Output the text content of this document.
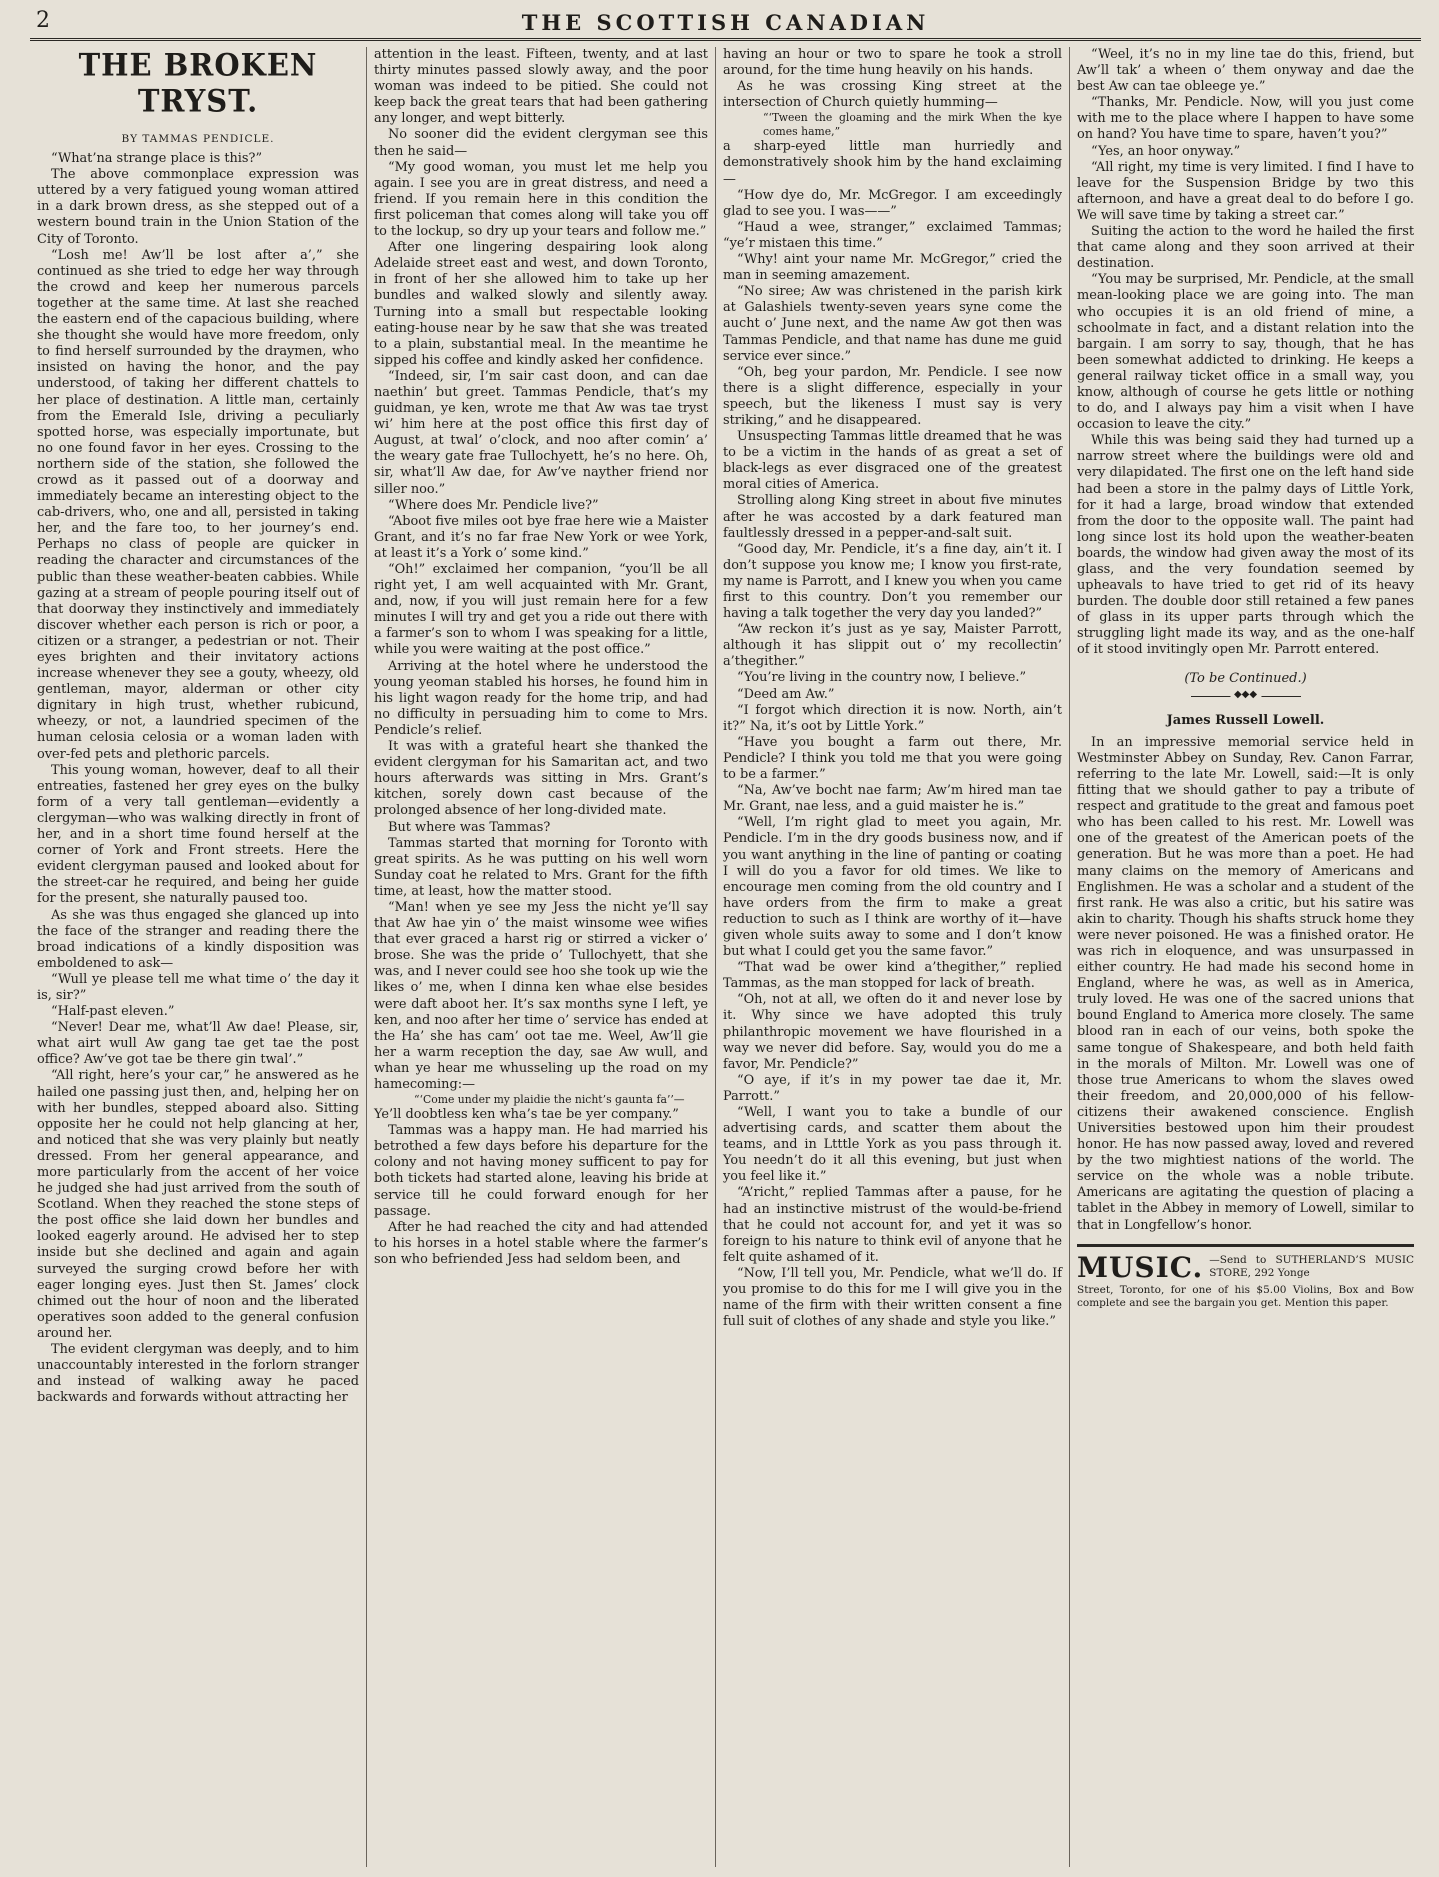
2	THE SCOTTISH CANADIAN
THE BROKEN TRYST.
BY TAMMAS PENDICLE.

“What’na strange place is this?”

The above commonplace expression was uttered by a very fatigued young woman attired in a dark brown dress, as she stepped out of a western bound train in the Union Station of the City of Toronto.

“Losh me! Aw’ll be lost after a’,” she continued as she tried to edge her way through the crowd and keep her numerous parcels together at the same time. At last she reached the eastern end of the capacious building, where she thought she would have more freedom, only to find herself surrounded by the draymen, who insisted on having the honor, and the pay understood, of taking her different chattels to her place of destination. A little man, certainly from the Emerald Isle, driving a peculiarly spotted horse, was especially importunate, but no one found favor in her eyes. Crossing to the northern side of the station, she followed the crowd as it passed out of a doorway and immediately became an interesting object to the cab-drivers, who, one and all, persisted in taking her, and the fare too, to her journey’s end. Perhaps no class of people are quicker in reading the character and circumstances of the public than these weather-beaten cabbies. While gazing at a stream of people pouring itself out of that doorway they instinctively and immediately discover whether each person is rich or poor, a citizen or a stranger, a pedestrian or not. Their eyes brighten and their invitatory actions increase whenever they see a gouty, wheezy, old gentleman, mayor, alderman or other city dignitary in high trust, whether rubicund, wheezy, or not, a laundried specimen of the human celosia celosia or a woman laden with over-fed pets and plethoric parcels.

This young woman, however, deaf to all their entreaties, fastened her grey eyes on the bulky form of a very tall gentleman—evidently a clergyman—who was walking directly in front of her, and in a short time found herself at the corner of York and Front streets. Here the evident clergyman paused and looked about for the street-car he required, and being her guide for the present, she naturally paused too.

As she was thus engaged she glanced up into the face of the stranger and reading there the broad indications of a kindly disposition was emboldened to ask—

“Wull ye please tell me what time o’ the day it is, sir?”

“Half-past eleven.”

“Never! Dear me, what’ll Aw dae! Please, sir, what airt wull Aw gang tae get tae the post office? Aw’ve got tae be there gin twal’.”

“All right, here’s your car,” he answered as he hailed one passing just then, and, helping her on with her bundles, stepped aboard also. Sitting opposite her he could not help glancing at her, and noticed that she was very plainly but neatly dressed. From her general appearance, and more particularly from the accent of her voice he judged she had just arrived from the south of Scotland. When they reached the stone steps of the post office she laid down her bundles and looked eagerly around. He advised her to step inside but she declined and again and again surveyed the surging crowd before her with eager longing eyes. Just then St. James’ clock chimed out the hour of noon and the liberated operatives soon added to the general confusion around her.

The evident clergyman was deeply, and to him unaccountably interested in the forlorn stranger and instead of walking away he paced backwards and forwards without attracting her

attention in the least. Fifteen, twenty, and at last thirty minutes passed slowly away, and the poor woman was indeed to be pitied. She could not keep back the great tears that had been gathering any longer, and wept bitterly.

No sooner did the evident clergyman see this then he said—

“My good woman, you must let me help you again. I see you are in great distress, and need a friend. If you remain here in this condition the first policeman that comes along will take you off to the lockup, so dry up your tears and follow me.”

After one lingering despairing look along Adelaide street east and west, and down Toronto, in front of her she allowed him to take up her bundles and walked slowly and silently away. Turning into a small but respectable looking eating-house near by he saw that she was treated to a plain, substantial meal. In the meantime he sipped his coffee and kindly asked her confidence.

“Indeed, sir, I’m sair cast doon, and can dae naethin’ but greet. Tammas Pendicle, that’s my guidman, ye ken, wrote me that Aw was tae tryst wi’ him here at the post office this first day of August, at twal’ o’clock, and noo after comin’ a’ the weary gate frae Tullochyett, he’s no here. Oh, sir, what’ll Aw dae, for Aw’ve nayther friend nor siller noo.”

“Where does Mr. Pendicle live?”

“Aboot five miles oot bye frae here wie a Maister Grant, and it’s no far frae New York or wee York, at least it’s a York o’ some kind.”

“Oh!” exclaimed her companion, “you’ll be all right yet, I am well acquainted with Mr. Grant, and, now, if you will just remain here for a few minutes I will try and get you a ride out there with a farmer’s son to whom I was speaking for a little, while you were waiting at the post office.”

Arriving at the hotel where he understood the young yeoman stabled his horses, he found him in his light wagon ready for the home trip, and had no difficulty in persuading him to come to Mrs. Pendicle’s relief.

It was with a grateful heart she thanked the evident clergyman for his Samaritan act, and two hours afterwards was sitting in Mrs. Grant’s kitchen, sorely down cast because of the prolonged absence of her long-divided mate.

But where was Tammas?

Tammas started that morning for Toronto with great spirits. As he was putting on his well worn Sunday coat he related to Mrs. Grant for the fifth time, at least, how the matter stood.

“Man! when ye see my Jess the nicht ye’ll say that Aw hae yin o’ the maist winsome wee wifies that ever graced a harst rig or stirred a vicker o’ brose. She was the pride o’ Tullochyett, that she was, and I never could see hoo she took up wie the likes o’ me, when I dinna ken whae else besides were daft aboot her. It’s sax months syne I left, ye ken, and noo after her time o’ service has ended at the Ha’ she has cam’ oot tae me. Weel, Aw’ll gie her a warm reception the day, sae Aw wull, and whan ye hear me whusseling up the road on my hamecoming:—

“‘Come under my plaidie the nicht’s gaunta fa’’—

Ye’ll doobtless ken wha’s tae be yer company.”

Tammas was a happy man. He had married his betrothed a few days before his departure for the colony and not having money sufficent to pay for both tickets had started alone, leaving his bride at service till he could forward enough for her passage.

After he had reached the city and had attended to his horses in a hotel stable where the farmer’s son who befriended Jess had seldom been, and

having an hour or two to spare he took a stroll around, for the time hung heavily on his hands.

As he was crossing King street at the intersection of Church quietly humming—

“‘Tween the gloaming and the mirk When the kye comes hame,”

a sharp-eyed little man hurriedly and demonstratively shook him by the hand exclaiming—

“How dye do, Mr. McGregor. I am exceedingly glad to see you. I was——”

“Haud a wee, stranger,” exclaimed Tammas; “ye’r mistaen this time.”

“Why! aint your name Mr. McGregor,” cried the man in seeming amazement.

“No siree; Aw was christened in the parish kirk at Galashiels twenty-seven years syne come the aucht o’ June next, and the name Aw got then was Tammas Pendicle, and that name has dune me guid service ever since.”

“Oh, beg your pardon, Mr. Pendicle. I see now there is a slight difference, especially in your speech, but the likeness I must say is very striking,” and he disappeared.

Unsuspecting Tammas little dreamed that he was to be a victim in the hands of as great a set of black-legs as ever disgraced one of the greatest moral cities of America.

Strolling along King street in about five minutes after he was accosted by a dark featured man faultlessly dressed in a pepper-and-salt suit.

“Good day, Mr. Pendicle, it’s a fine day, ain’t it. I don’t suppose you know me; I know you first-rate, my name is Parrott, and I knew you when you came first to this country. Don’t you remember our having a talk together the very day you landed?”

“Aw reckon it’s just as ye say, Maister Parrott, although it has slippit out o’ my recollectin’ a’thegither.”

“You’re living in the country now, I believe.”

“Deed am Aw.”

“I forgot which direction it is now. North, ain’t it?” Na, it’s oot by Little York.”

“Have you bought a farm out there, Mr. Pendicle? I think you told me that you were going to be a farmer.”

“Na, Aw’ve bocht nae farm; Aw’m hired man tae Mr. Grant, nae less, and a guid maister he is.”

“Well, I’m right glad to meet you again, Mr. Pendicle. I’m in the dry goods business now, and if you want anything in the line of panting or coating I will do you a favor for old times. We like to encourage men coming from the old country and I have orders from the firm to make a great reduction to such as I think are worthy of it—have given whole suits away to some and I don’t know but what I could get you the same favor.”

“That wad be ower kind a’thegither,” replied Tammas, as the man stopped for lack of breath.

“Oh, not at all, we often do it and never lose by it. Why since we have adopted this truly philanthropic movement we have flourished in a way we never did before. Say, would you do me a favor, Mr. Pendicle?”

“O aye, if it’s in my power tae dae it, Mr. Parrott.”

“Well, I want you to take a bundle of our advertising cards, and scatter them about the teams, and in Ltttle York as you pass through it. You needn’t do it all this evening, but just when you feel like it.”

“A’richt,” replied Tammas after a pause, for he had an instinctive mistrust of the would-be-friend that he could not account for, and yet it was so foreign to his nature to think evil of anyone that he felt quite ashamed of it.

“Now, I’ll tell you, Mr. Pendicle, what we’ll do. If you promise to do this for me I will give you in the name of the firm with their written consent a fine full suit of clothes of any shade and style you like.”

“Weel, it’s no in my line tae do this, friend, but Aw’ll tak’ a wheen o’ them onyway and dae the best Aw can tae obleege ye.”

“Thanks, Mr. Pendicle. Now, will you just come with me to the place where I happen to have some on hand? You have time to spare, haven’t you?”

“Yes, an hoor onyway.”

“All right, my time is very limited. I find I have to leave for the Suspension Bridge by two this afternoon, and have a great deal to do before I go. We will save time by taking a street car.”

Suiting the action to the word he hailed the first that came along and they soon arrived at their destination.

“You may be surprised, Mr. Pendicle, at the small mean-looking place we are going into. The man who occupies it is an old friend of mine, a schoolmate in fact, and a distant relation into the bargain. I am sorry to say, though, that he has been somewhat addicted to drinking. He keeps a general railway ticket office in a small way, you know, although of course he gets little or nothing to do, and I always pay him a visit when I have occasion to leave the city.”

While this was being said they had turned up a narrow street where the buildings were old and very dilapidated. The first one on the left hand side had been a store in the palmy days of Little York, for it had a large, broad window that extended from the door to the opposite wall. The paint had long since lost its hold upon the weather-beaten boards, the window had given away the most of its glass, and the very foundation seemed by upheavals to have tried to get rid of its heavy burden. The double door still retained a few panes of glass in its upper parts through which the struggling light made its way, and as the one-half of it stood invitingly open Mr. Parrott entered.

(To be Continued.)
◆◆◆
James Russell Lowell.

In an impressive memorial service held in Westminster Abbey on Sunday, Rev. Canon Farrar, referring to the late Mr. Lowell, said:—It is only fitting that we should gather to pay a tribute of respect and gratitude to the great and famous poet who has been called to his rest. Mr. Lowell was one of the greatest of the American poets of the generation. But he was more than a poet. He had many claims on the memory of Americans and Englishmen. He was a scholar and a student of the first rank. He was also a critic, but his satire was akin to charity. Though his shafts struck home they were never poisoned. He was a finished orator. He was rich in eloquence, and was unsurpassed in either country. He had made his second home in England, where he was, as well as in America, truly loved. He was one of the sacred unions that bound England to America more closely. The same blood ran in each of our veins, both spoke the same tongue of Shakespeare, and both held faith in the morals of Milton. Mr. Lowell was one of those true Americans to whom the slaves owed their freedom, and 20,000,000 of his fellow-citizens their awakened conscience. English Universities bestowed upon him their proudest honor. He has now passed away, loved and revered by the two mightiest nations of the world. The service on the whole was a noble tribute. Americans are agitating the question of placing a tablet in the Abbey in memory of Lowell, similar to that in Longfellow’s honor.

MUSIC. —Send to SUTHERLAND’S MUSIC STORE, 292 Yonge
Street, Toronto, for one of his $5.00 Violins, Box and Bow complete and see the bargain you get. Mention this paper.
